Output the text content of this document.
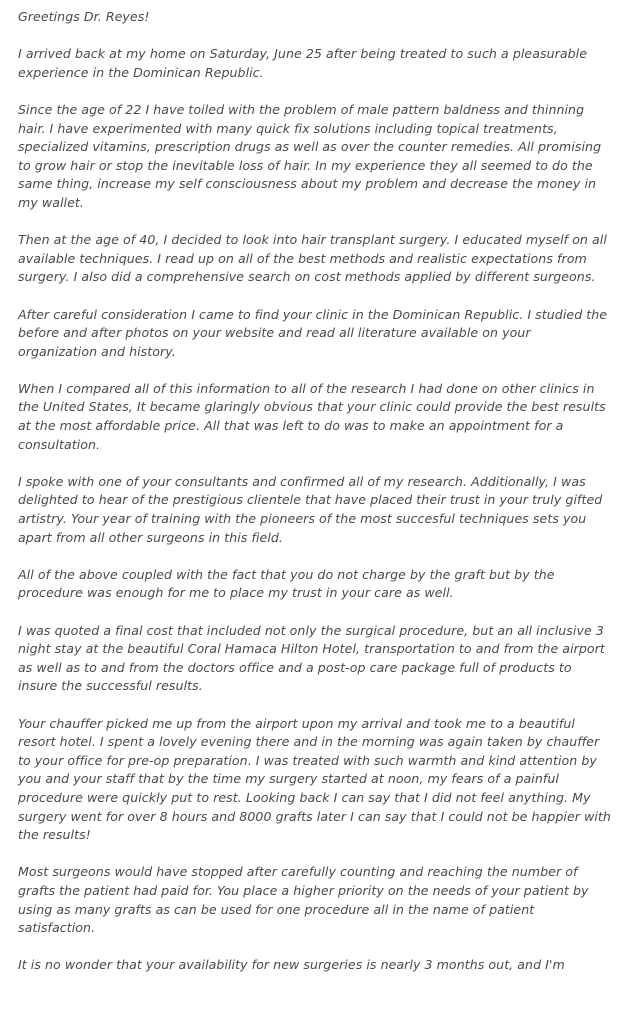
Greetings Dr. Reyes!

I arrived back at my home on Saturday, June 25 after being treated to such a pleasurable experience in the Dominican Republic.

Since the age of 22 I have toiled with the problem of male pattern baldness and thinning hair. I have experimented with many quick fix solutions including topical treatments, specialized vitamins, prescription drugs as well as over the counter remedies. All promising to grow hair or stop the inevitable loss of hair. In my experience they all seemed to do the same thing, increase my self consciousness about my problem and decrease the money in my wallet.

Then at the age of 40, I decided to look into hair transplant surgery. I educated myself on all available techniques. I read up on all of the best methods and realistic expectations from surgery. I also did a comprehensive search on cost methods applied by different surgeons.

After careful consideration I came to find your clinic in the Dominican Republic. I studied the before and after photos on your website and read all literature available on your organization and history.

When I compared all of this information to all of the research I had done on other clinics in the United States, It became glaringly obvious that your clinic could provide the best results at the most affordable price. All that was left to do was to make an appointment for a consultation.

I spoke with one of your consultants and confirmed all of my research. Additionally, I was delighted to hear of the prestigious clientele that have placed their trust in your truly gifted artistry. Your year of training with the pioneers of the most succesful techniques sets you apart from all other surgeons in this field.

All of the above coupled with the fact that you do not charge by the graft but by the procedure was enough for me to place my trust in your care as well.

I was quoted a final cost that included not only the surgical procedure, but an all inclusive 3 night stay at the beautiful Coral Hamaca Hilton Hotel, transportation to and from the airport as well as to and from the doctors office and a post-op care package full of products to insure the successful results.

Your chauffer picked me up from the airport upon my arrival and took me to a beautiful resort hotel. I spent a lovely evening there and in the morning was again taken by chauffer to your office for pre-op preparation. I was treated with such warmth and kind attention by you and your staff that by the time my surgery started at noon, my fears of a painful procedure were quickly put to rest. Looking back I can say that I did not feel anything. My surgery went for over 8 hours and 8000 grafts later I can say that I could not be happier with the results!

Most surgeons would have stopped after carefully counting and reaching the number of grafts the patient had paid for. You place a higher priority on the needs of your patient by using as many grafts as can be used for one procedure all in the name of patient satisfaction.

It is no wonder that your availability for new surgeries is nearly 3 months out, and I'm
